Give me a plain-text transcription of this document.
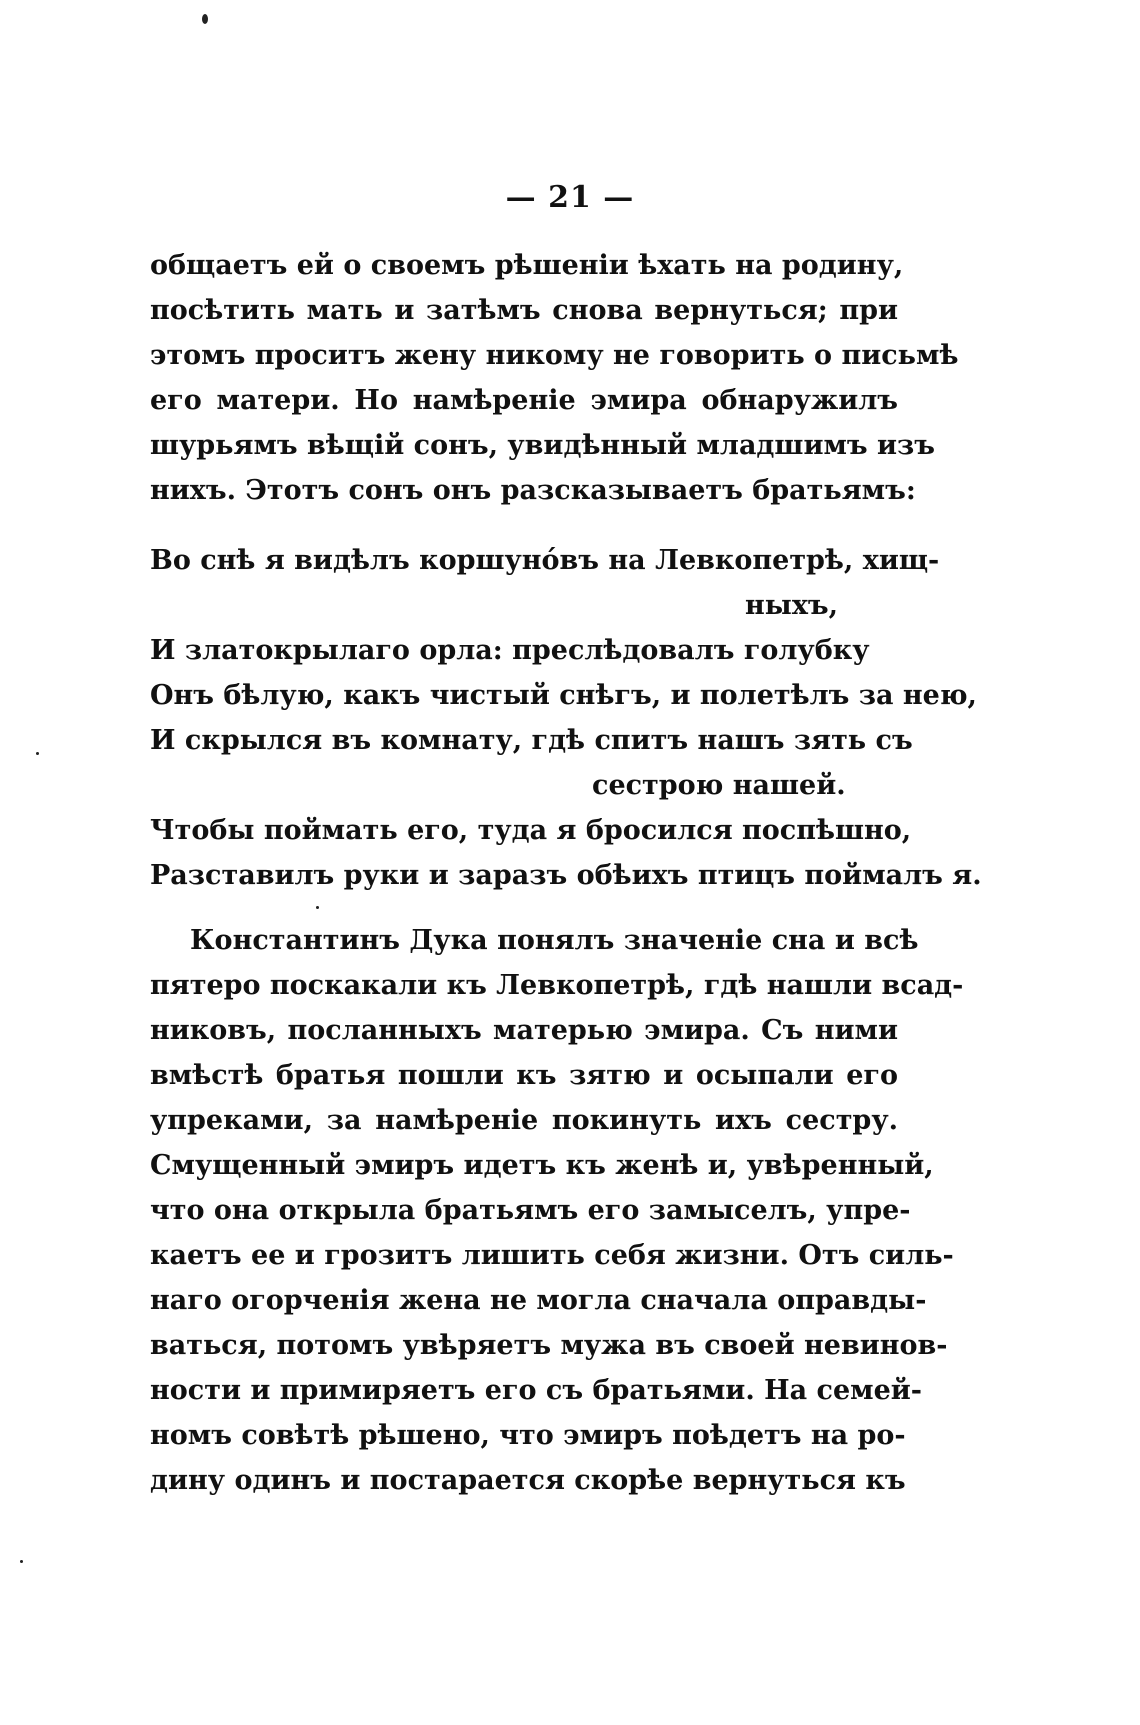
— 21 —
общаетъ ей о своемъ рѣшеніи ѣхать на родину,
посѣтить мать и затѣмъ снова вернуться; при
этомъ проситъ жену никому не говорить о письмѣ
его матери. Но намѣреніе эмира обнаружилъ
шурьямъ вѣщій сонъ, увидѣнный младшимъ изъ
нихъ. Этотъ сонъ онъ разсказываетъ братьямъ:
Во снѣ я видѣлъ коршуно́въ на Левкопетрѣ, хищ-
ныхъ,
И златокрылаго орла: преслѣдовалъ голубку
Онъ бѣлую, какъ чистый снѣгъ, и полетѣлъ за нею,
И скрылся въ комнату, гдѣ спитъ нашъ зять съ
сестрою нашей.
Чтобы поймать его, туда я бросился поспѣшно,
Разставилъ руки и заразъ обѣихъ птицъ поймалъ я.
Константинъ Дука понялъ значеніе сна и всѣ
пятеро поскакали къ Левкопетрѣ, гдѣ нашли всад-
никовъ, посланныхъ матерью эмира. Съ ними
вмѣстѣ братья пошли къ зятю и осыпали его
упреками, за намѣреніе покинуть ихъ сестру.
Смущенный эмиръ идетъ къ женѣ и, увѣренный,
что она открыла братьямъ его замыселъ, упре-
каетъ ее и грозитъ лишить себя жизни. Отъ силь-
нагo огорченія жена не могла сначала оправды-
ваться, потомъ увѣряетъ мужа въ своей невинов-
ности и примиряетъ его съ братьями. На семей-
номъ совѣтѣ рѣшено, что эмиръ поѣдетъ на ро-
дину одинъ и постарается скорѣе вернуться къ
